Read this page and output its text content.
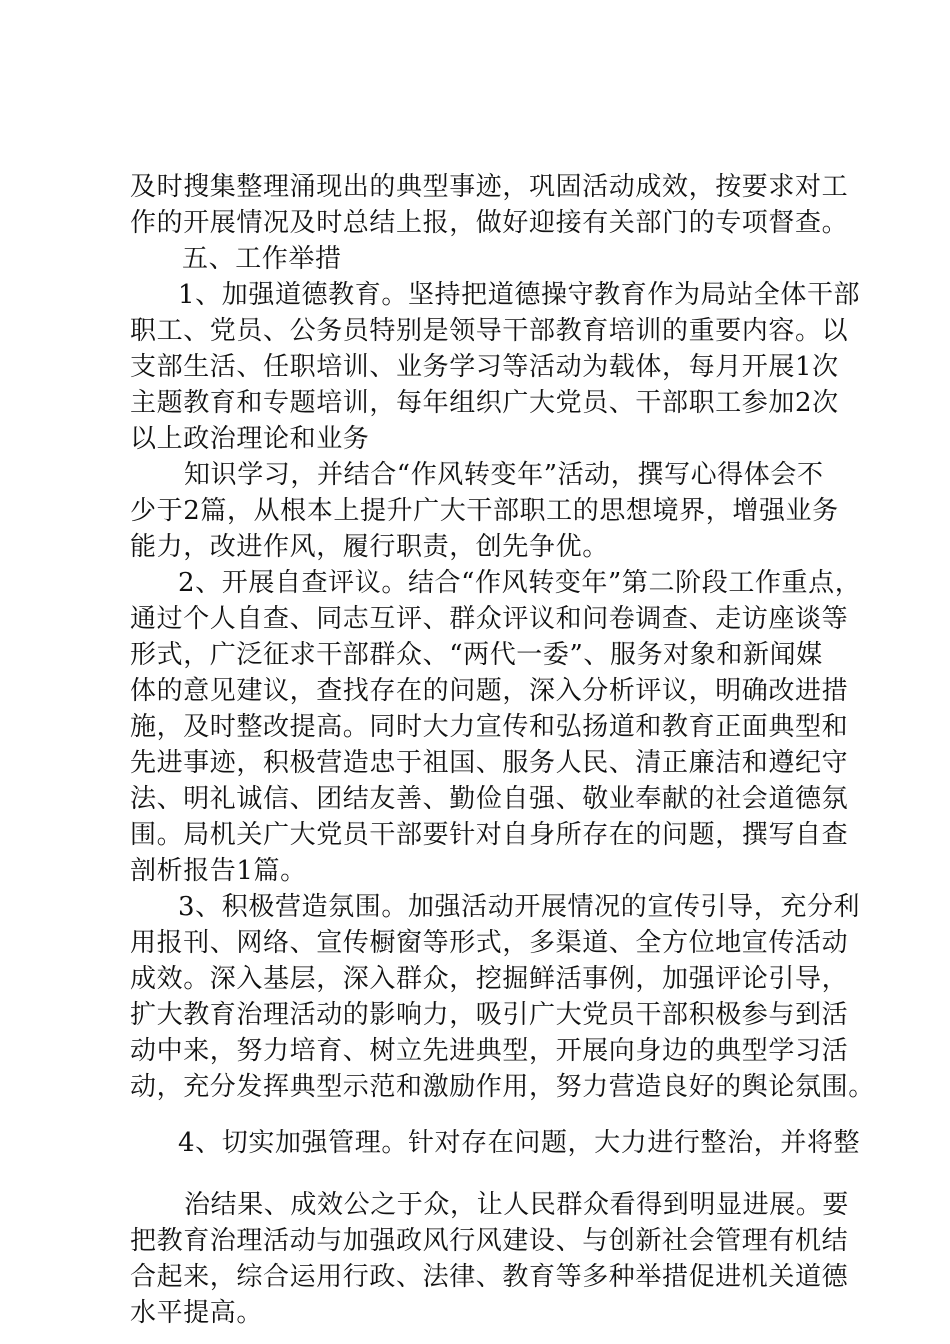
及时搜集整理涌现出的典型事迹，巩固活动成效，按要求对工
作的开展情况及时总结上报，做好迎接有关部门的专项督查。
五、工作举措
1、加强道德教育。坚持把道德操守教育作为局站全体干部
职工、党员、公务员特别是领导干部教育培训的重要内容。以
支部生活、任职培训、业务学习等活动为载体，每月开展1次
主题教育和专题培训，每年组织广大党员、干部职工参加2次
以上政治理论和业务
知识学习，并结合“作风转变年”活动，撰写心得体会不
少于2篇，从根本上提升广大干部职工的思想境界，增强业务
能力，改进作风，履行职责，创先争优。
2、开展自查评议。结合“作风转变年”第二阶段工作重点，
通过个人自查、同志互评、群众评议和问卷调查、走访座谈等
形式，广泛征求干部群众、“两代一委”、服务对象和新闻媒
体的意见建议，查找存在的问题，深入分析评议，明确改进措
施，及时整改提高。同时大力宣传和弘扬道和教育正面典型和
先进事迹，积极营造忠于祖国、服务人民、清正廉洁和遵纪守
法、明礼诚信、团结友善、勤俭自强、敬业奉献的社会道德氛
围。局机关广大党员干部要针对自身所存在的问题，撰写自查
剖析报告1篇。
3、积极营造氛围。加强活动开展情况的宣传引导，充分利
用报刊、网络、宣传橱窗等形式，多渠道、全方位地宣传活动
成效。深入基层，深入群众，挖掘鲜活事例，加强评论引导，
扩大教育治理活动的影响力，吸引广大党员干部积极参与到活
动中来，努力培育、树立先进典型，开展向身边的典型学习活
动，充分发挥典型示范和激励作用，努力营造良好的舆论氛围。
4、切实加强管理。针对存在问题，大力进行整治，并将整
治结果、成效公之于众，让人民群众看得到明显进展。要
把教育治理活动与加强政风行风建设、与创新社会管理有机结
合起来，综合运用行政、法律、教育等多种举措促进机关道德
水平提高。
